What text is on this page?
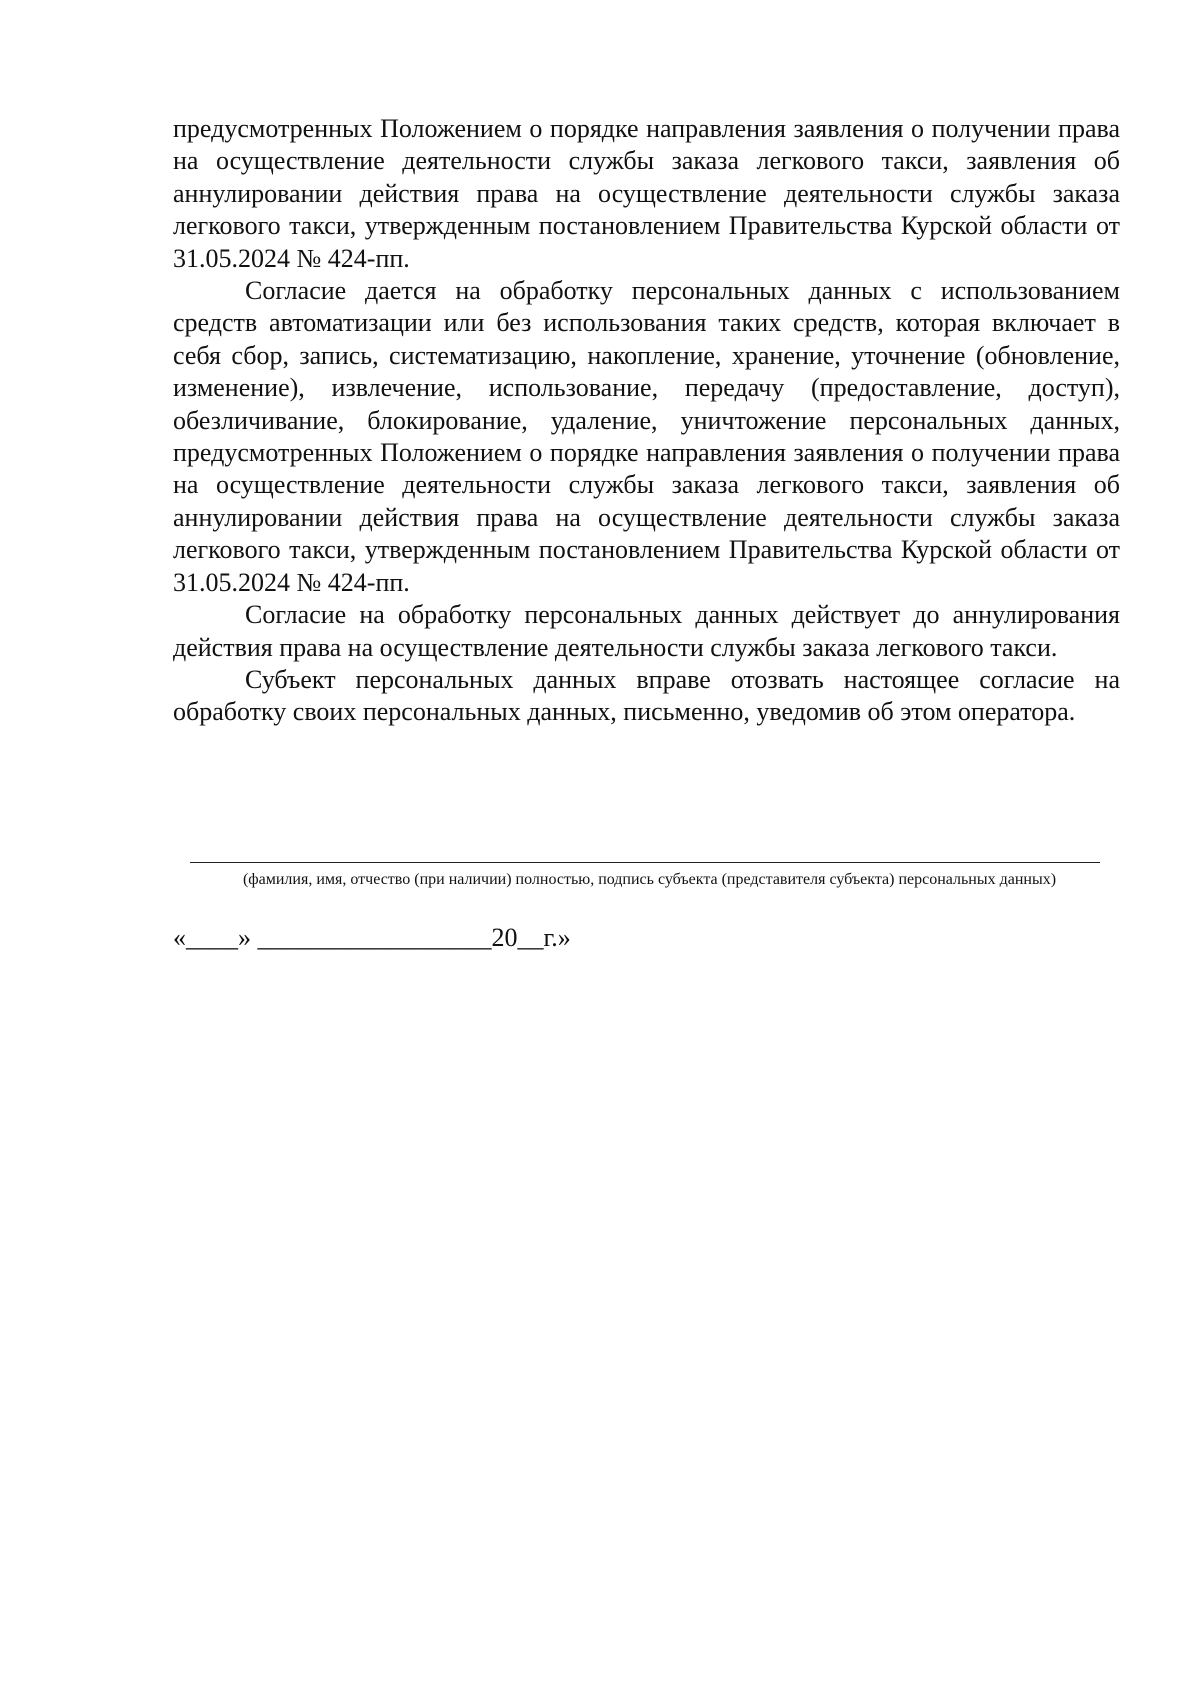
предусмотренных Положением о порядке направления заявления о получении права на осуществление деятельности службы заказа легкового такси, заявления об аннулировании действия права на осуществление деятельности службы заказа легкового такси, утвержденным постановлением Правительства Курской области от 31.05.2024 № 424-пп.

Согласие дается на обработку персональных данных с использованием средств автоматизации или без использования таких средств, которая включает в себя сбор, запись, систематизацию, накопление, хранение, уточнение (обновление, изменение), извлечение, использование, передачу (предоставление, доступ), обезличивание, блокирование, удаление, уничтожение персональных данных, предусмотренных Положением о порядке направления заявления о получении права на осуществление деятельности службы заказа легкового такси, заявления об аннулировании действия права на осуществление деятельности службы заказа легкового такси, утвержденным постановлением Правительства Курской области от 31.05.2024 № 424-пп.

Согласие на обработку персональных данных действует до аннулирования действия права на осуществление деятельности службы заказа легкового такси.

Субъект персональных данных вправе отозвать настоящее согласие на обработку своих персональных данных, письменно, уведомив об этом оператора.

(фамилия, имя, отчество (при наличии) полностью, подпись субъекта (представителя субъекта) персональных данных)
«____» __________________20__г.»
